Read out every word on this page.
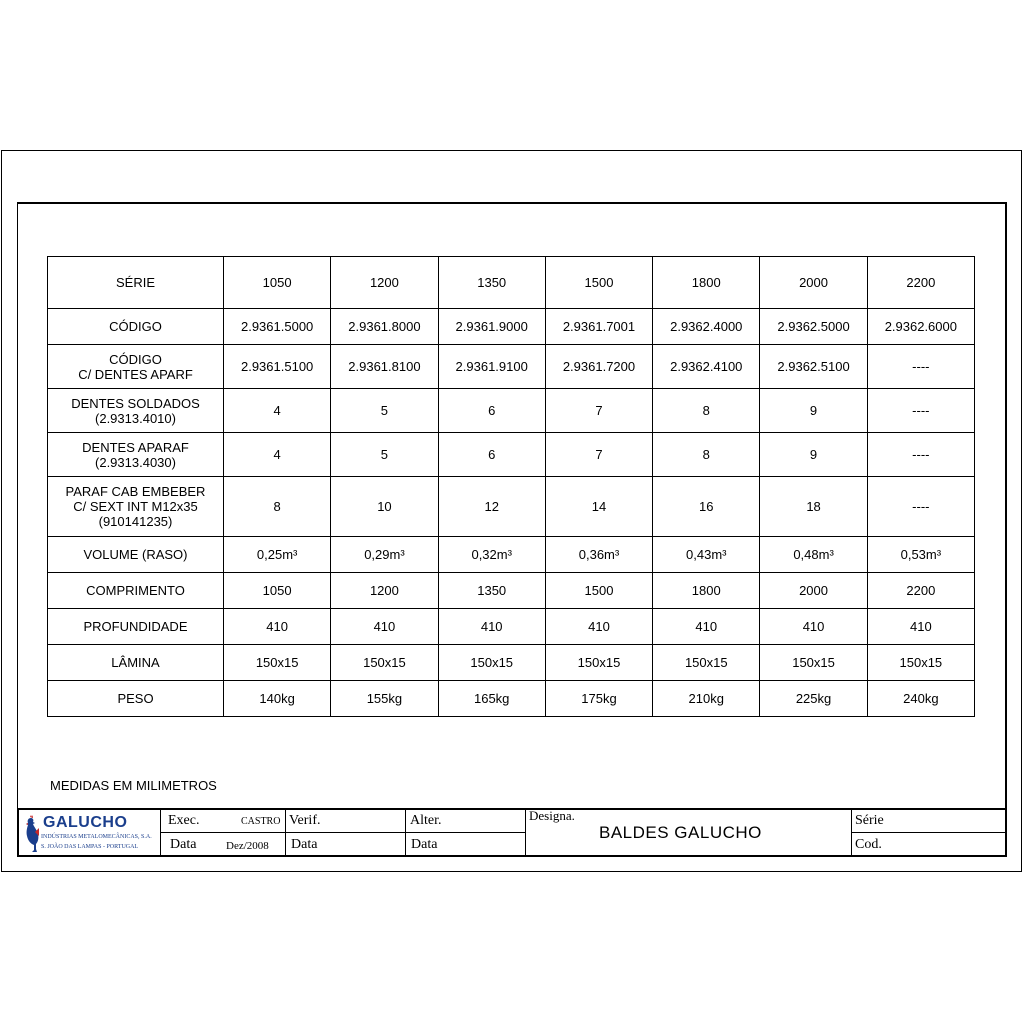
SÉRIE	1050	1200	1350	1500	1800	2000	2200
CÓDIGO	2.9361.5000	2.9361.8000	2.9361.9000	2.9361.7001	2.9362.4000	2.9362.5000	2.9362.6000
CÓDIGO
C/ DENTES APARF	2.9361.5100	2.9361.8100	2.9361.9100	2.9361.7200	2.9362.4100	2.9362.5100	----
DENTES SOLDADOS
(2.9313.4010)	4	5	6	7	8	9	----
DENTES APARAF
(2.9313.4030)	4	5	6	7	8	9	----
PARAF CAB EMBEBER
C/ SEXT INT M12x35
(910141235)	8	10	12	14	16	18	----
VOLUME (RASO)	0,25m³	0,29m³	0,32m³	0,36m³	0,43m³	0,48m³	0,53m³
COMPRIMENTO	1050	1200	1350	1500	1800	2000	2200
PROFUNDIDADE	410	410	410	410	410	410	410
LÂMINA	150x15	150x15	150x15	150x15	150x15	150x15	150x15
PESO	140kg	155kg	165kg	175kg	210kg	225kg	240kg
MEDIDAS EM MILIMETROS
GALUCHO
INDÚSTRIAS METALOMECÂNICAS, S.A.
S. JOÃO DAS LAMPAS - PORTUGAL
Exec.	CASTRO
Data	Dez/2008
Verif.
Data
Alter.
Data
Designa.
BALDES GALUCHO
Série
Cod.
